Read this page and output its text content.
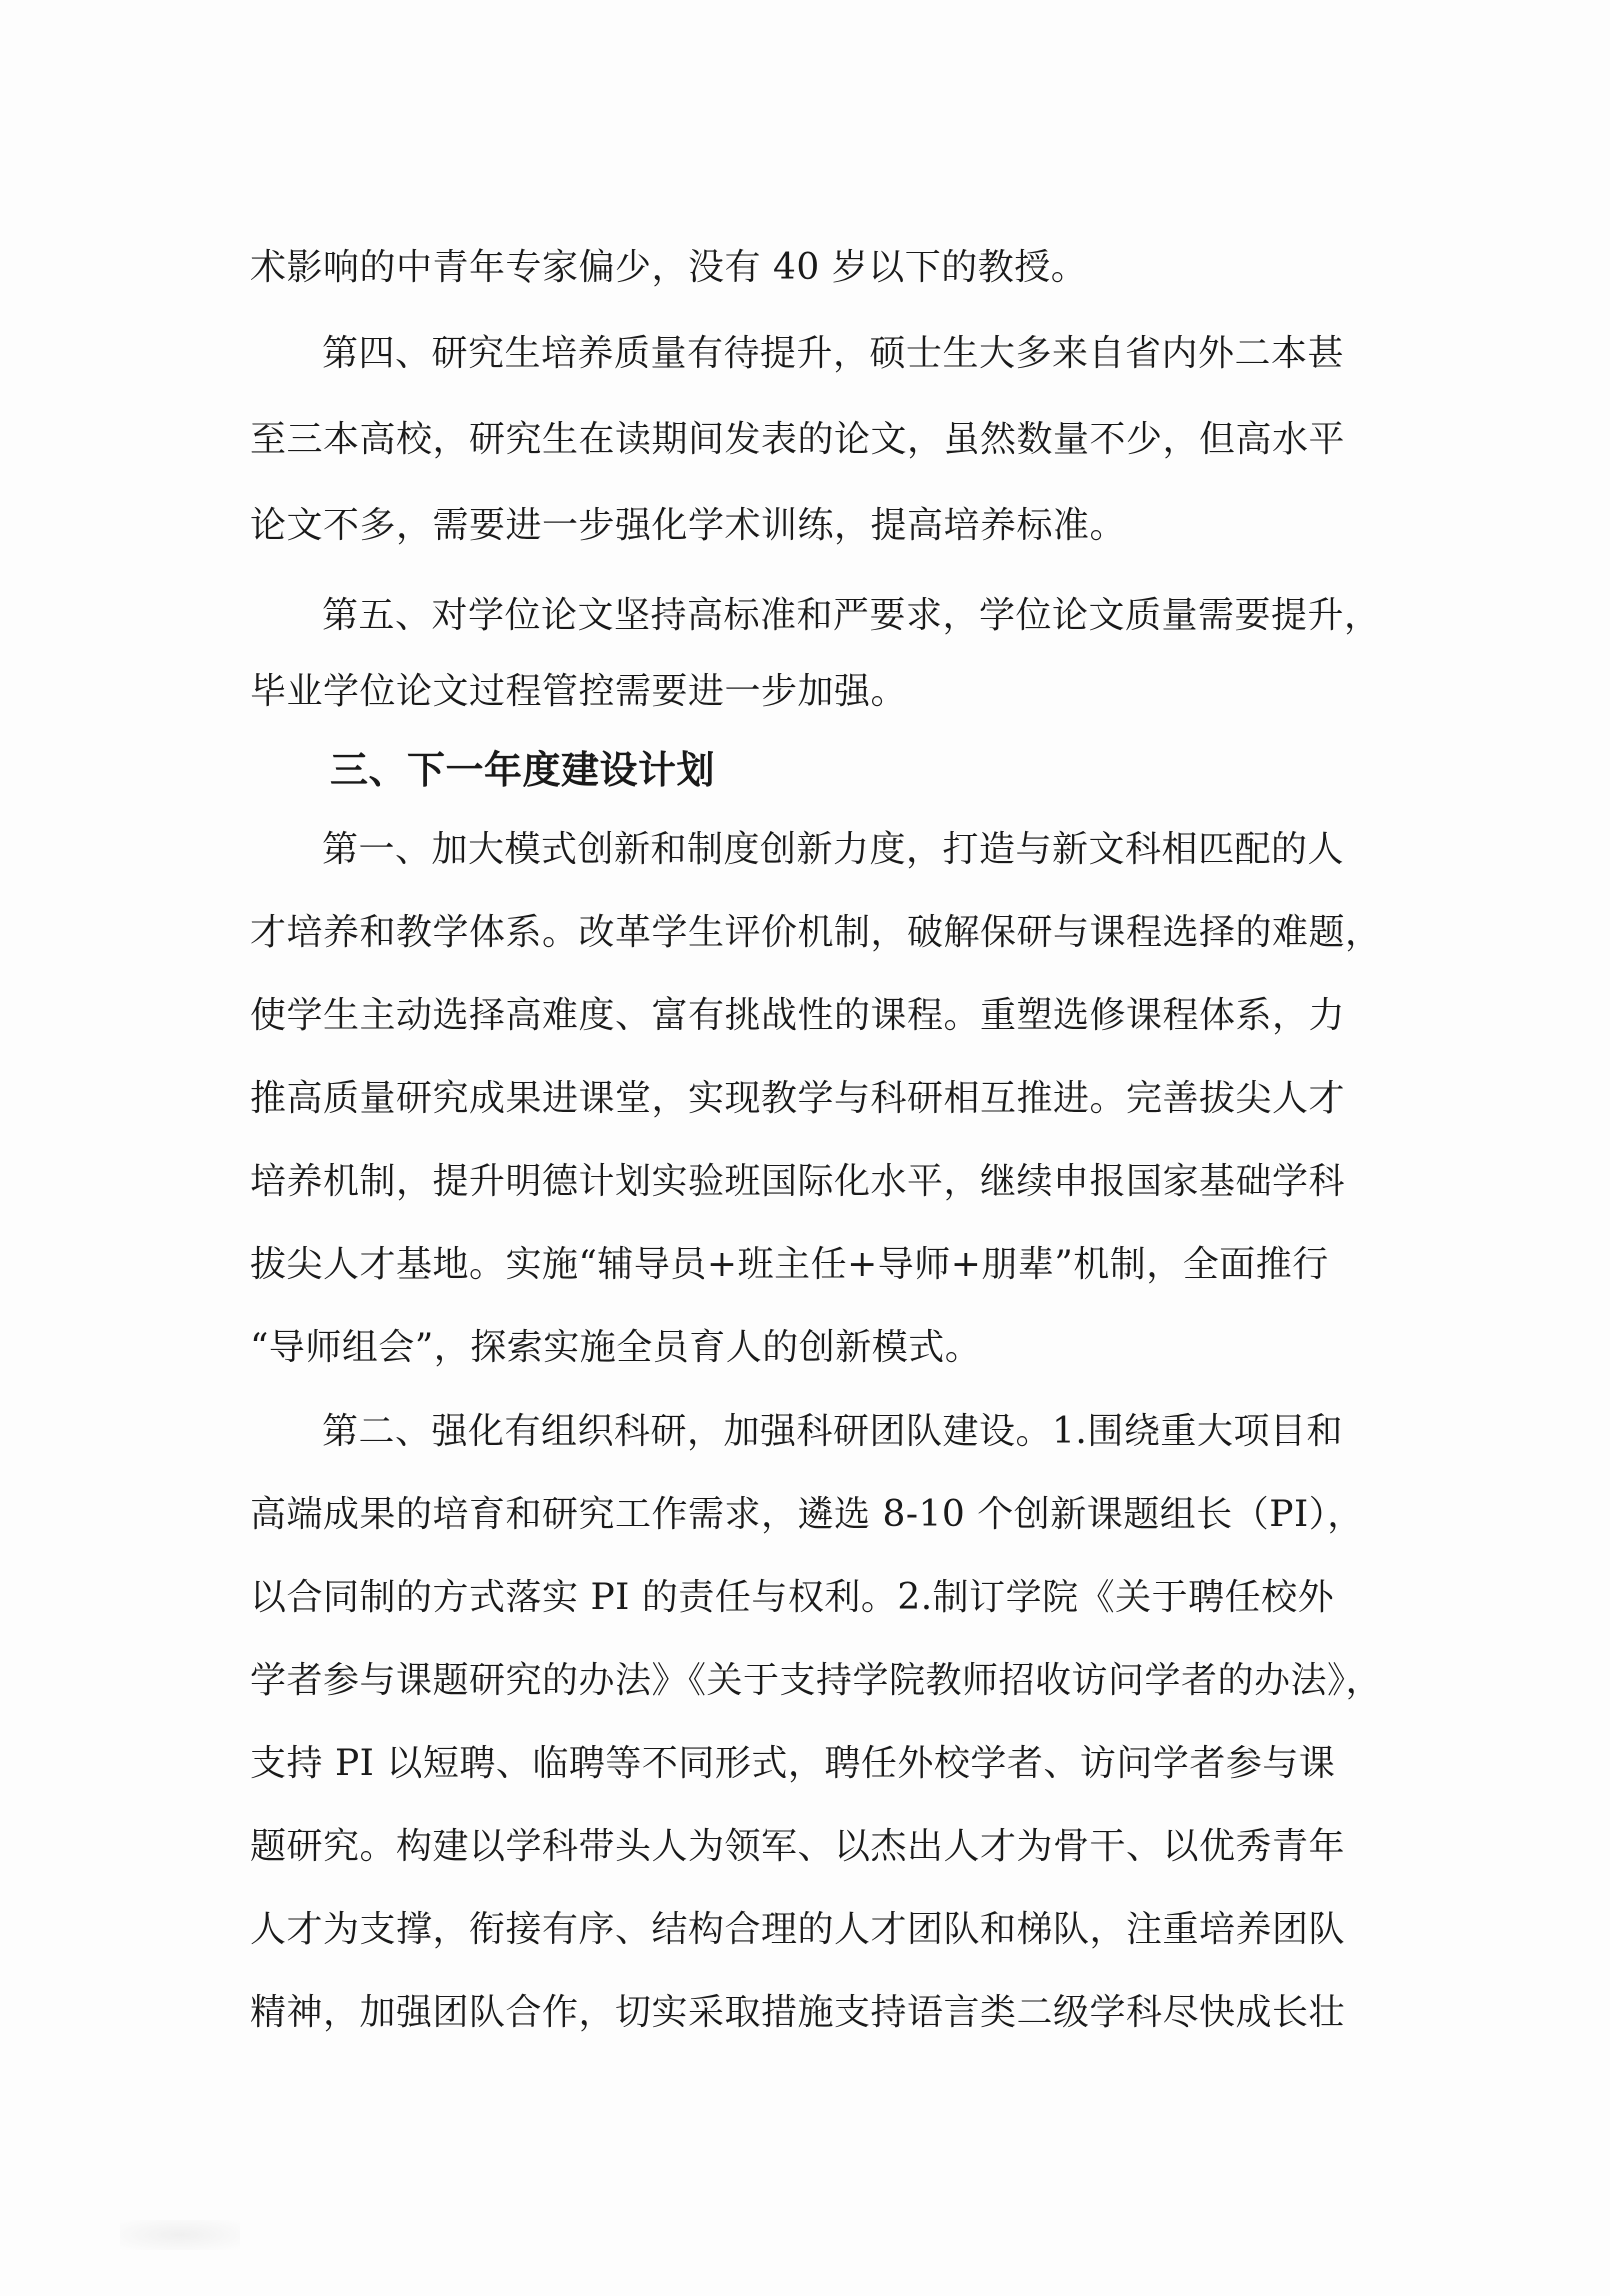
术影响的中青年专家偏少，没有 40 岁以下的教授。
第四、研究生培养质量有待提升，硕士生大多来自省内外二本甚
至三本高校，研究生在读期间发表的论文，虽然数量不少，但高水平
论文不多，需要进一步强化学术训练，提高培养标准。
第五、对学位论文坚持高标准和严要求，学位论文质量需要提升，
毕业学位论文过程管控需要进一步加强。
三、下一年度建设计划
第一、加大模式创新和制度创新力度，打造与新文科相匹配的人
才培养和教学体系。改革学生评价机制，破解保研与课程选择的难题，
使学生主动选择高难度、富有挑战性的课程。重塑选修课程体系，力
推高质量研究成果进课堂，实现教学与科研相互推进。完善拔尖人才
培养机制，提升明德计划实验班国际化水平，继续申报国家基础学科
拔尖人才基地。实施“辅导员+班主任+导师+朋辈”机制，全面推行
“导师组会”，探索实施全员育人的创新模式。
第二、强化有组织科研，加强科研团队建设。1.围绕重大项目和
高端成果的培育和研究工作需求，遴选 8-10 个创新课题组长（PI），
以合同制的方式落实 PI 的责任与权利。2.制订学院《关于聘任校外
学者参与课题研究的办法》《关于支持学院教师招收访问学者的办法》，
支持 PI 以短聘、临聘等不同形式，聘任外校学者、访问学者参与课
题研究。构建以学科带头人为领军、以杰出人才为骨干、以优秀青年
人才为支撑，衔接有序、结构合理的人才团队和梯队，注重培养团队
精神，加强团队合作，切实采取措施支持语言类二级学科尽快成长壮
